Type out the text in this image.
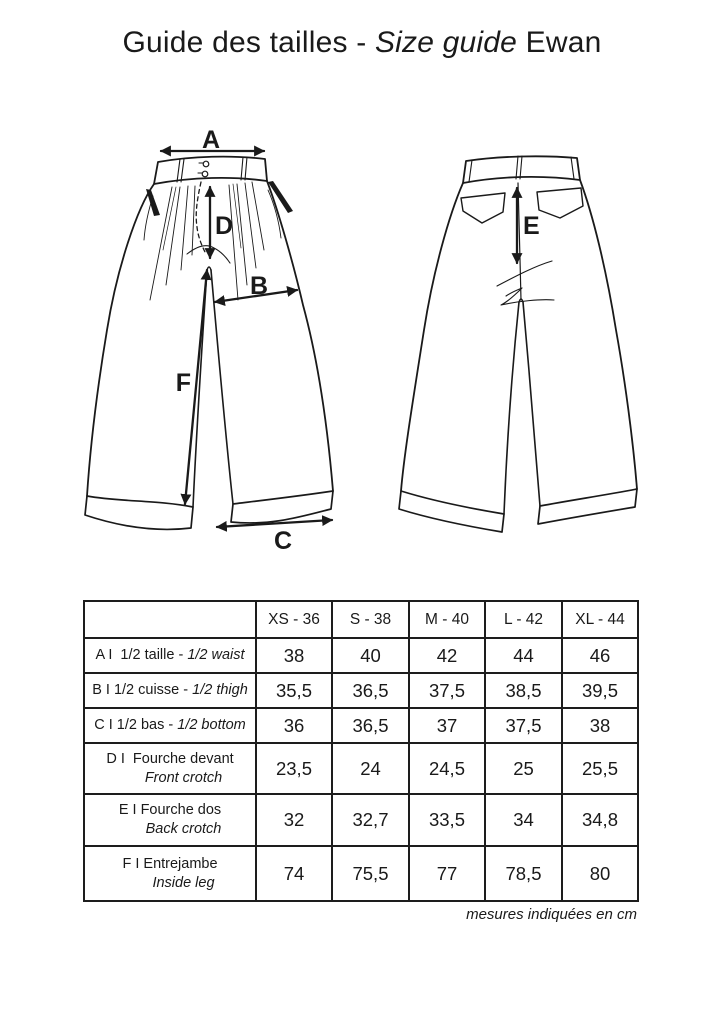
Guide des tailles - Size guide Ewan
A
D
F
B
C
E
	XS - 36	S - 38	M - 40	L - 42	XL - 44
A I  1/2 taille - 1/2 waist	38	40	42	44	46
B I 1/2 cuisse - 1/2 thigh	35,5	36,5	37,5	38,5	39,5
C I 1/2 bas - 1/2 bottom	36	36,5	37	37,5	38
D I  Fourche devant
Front crotch	23,5	24	24,5	25	25,5
E I Fourche dos
Back crotch	32	32,7	33,5	34	34,8
F I Entrejambe
Inside leg	74	75,5	77	78,5	80
mesures indiquées en cm
